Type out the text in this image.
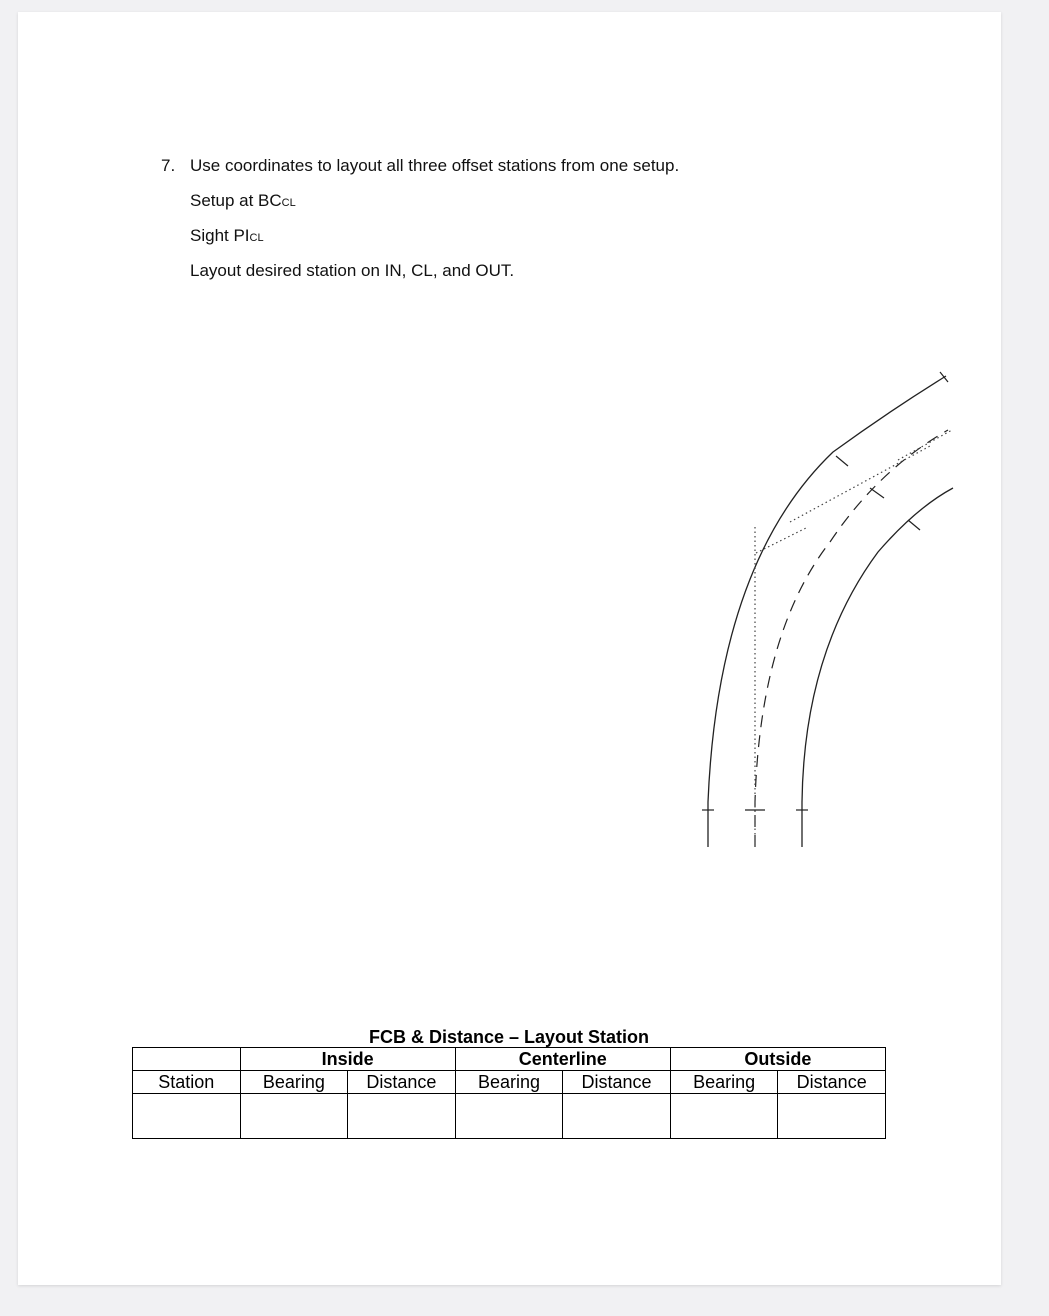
7. Use coordinates to layout all three offset stations from one setup.
Setup at BCCL
Sight PICL
Layout desired station on IN, CL, and OUT.
FCB & Distance – Layout Station
	Inside		Centerline		Outside	
Station	Bearing	Distance	Bearing	Distance	Bearing	Distance
